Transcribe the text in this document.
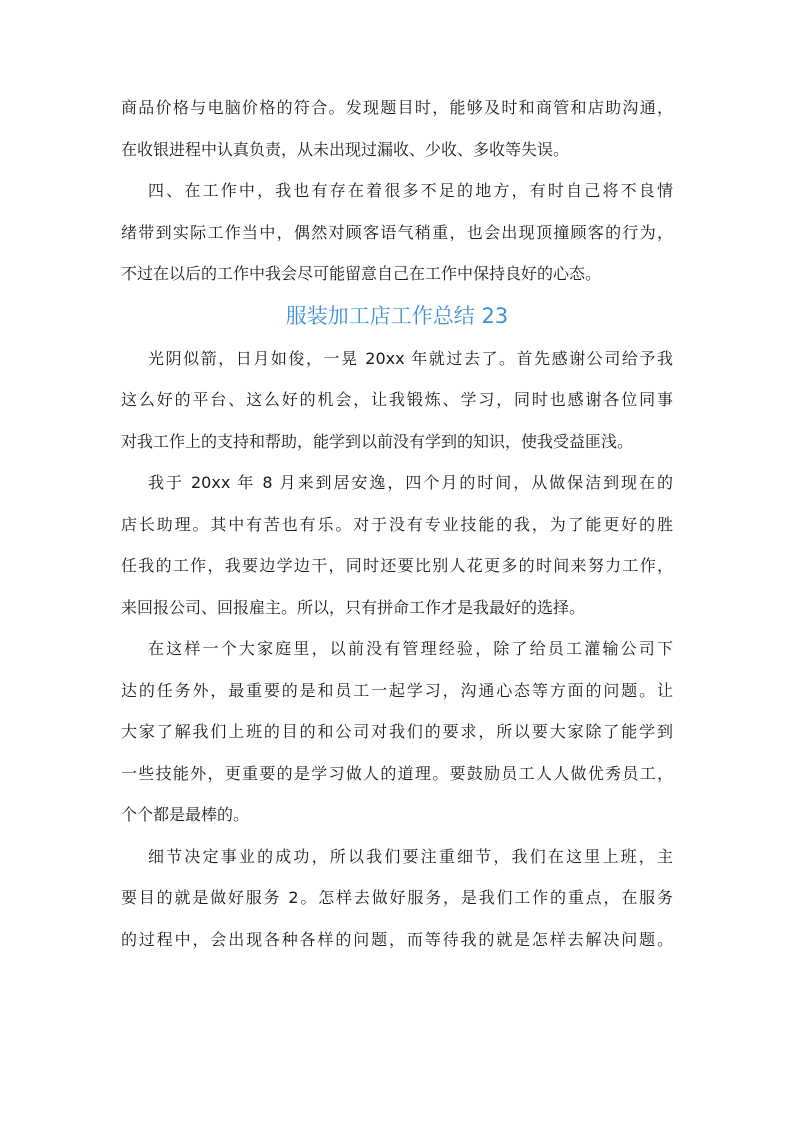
商品价格与电脑价格的符合。发现题目时，能够及时和商管和店助沟通，
在收银进程中认真负责，从未出现过漏收、少收、多收等失误。
四、在工作中，我也有存在着很多不足的地方，有时自己将不良情
绪带到实际工作当中，偶然对顾客语气稍重，也会出现顶撞顾客的行为，
不过在以后的工作中我会尽可能留意自己在工作中保持良好的心态。
服装加工店工作总结 23
光阴似箭，日月如俊，一晃 20xx 年就过去了。首先感谢公司给予我
这么好的平台、这么好的机会，让我锻炼、学习，同时也感谢各位同事
对我工作上的支持和帮助，能学到以前没有学到的知识，使我受益匪浅。
我于 20xx 年 8 月来到居安逸，四个月的时间，从做保洁到现在的
店长助理。其中有苦也有乐。对于没有专业技能的我，为了能更好的胜
任我的工作，我要边学边干，同时还要比别人花更多的时间来努力工作，
来回报公司、回报雇主。所以，只有拼命工作才是我最好的选择。
在这样一个大家庭里，以前没有管理经验，除了给员工灌输公司下
达的任务外，最重要的是和员工一起学习，沟通心态等方面的问题。让
大家了解我们上班的目的和公司对我们的要求，所以要大家除了能学到
一些技能外，更重要的是学习做人的道理。要鼓励员工人人做优秀员工，
个个都是最棒的。
细节决定事业的成功，所以我们要注重细节，我们在这里上班，主
要目的就是做好服务 2。怎样去做好服务，是我们工作的重点，在服务
的过程中，会出现各种各样的问题，而等待我的就是怎样去解决问题。
